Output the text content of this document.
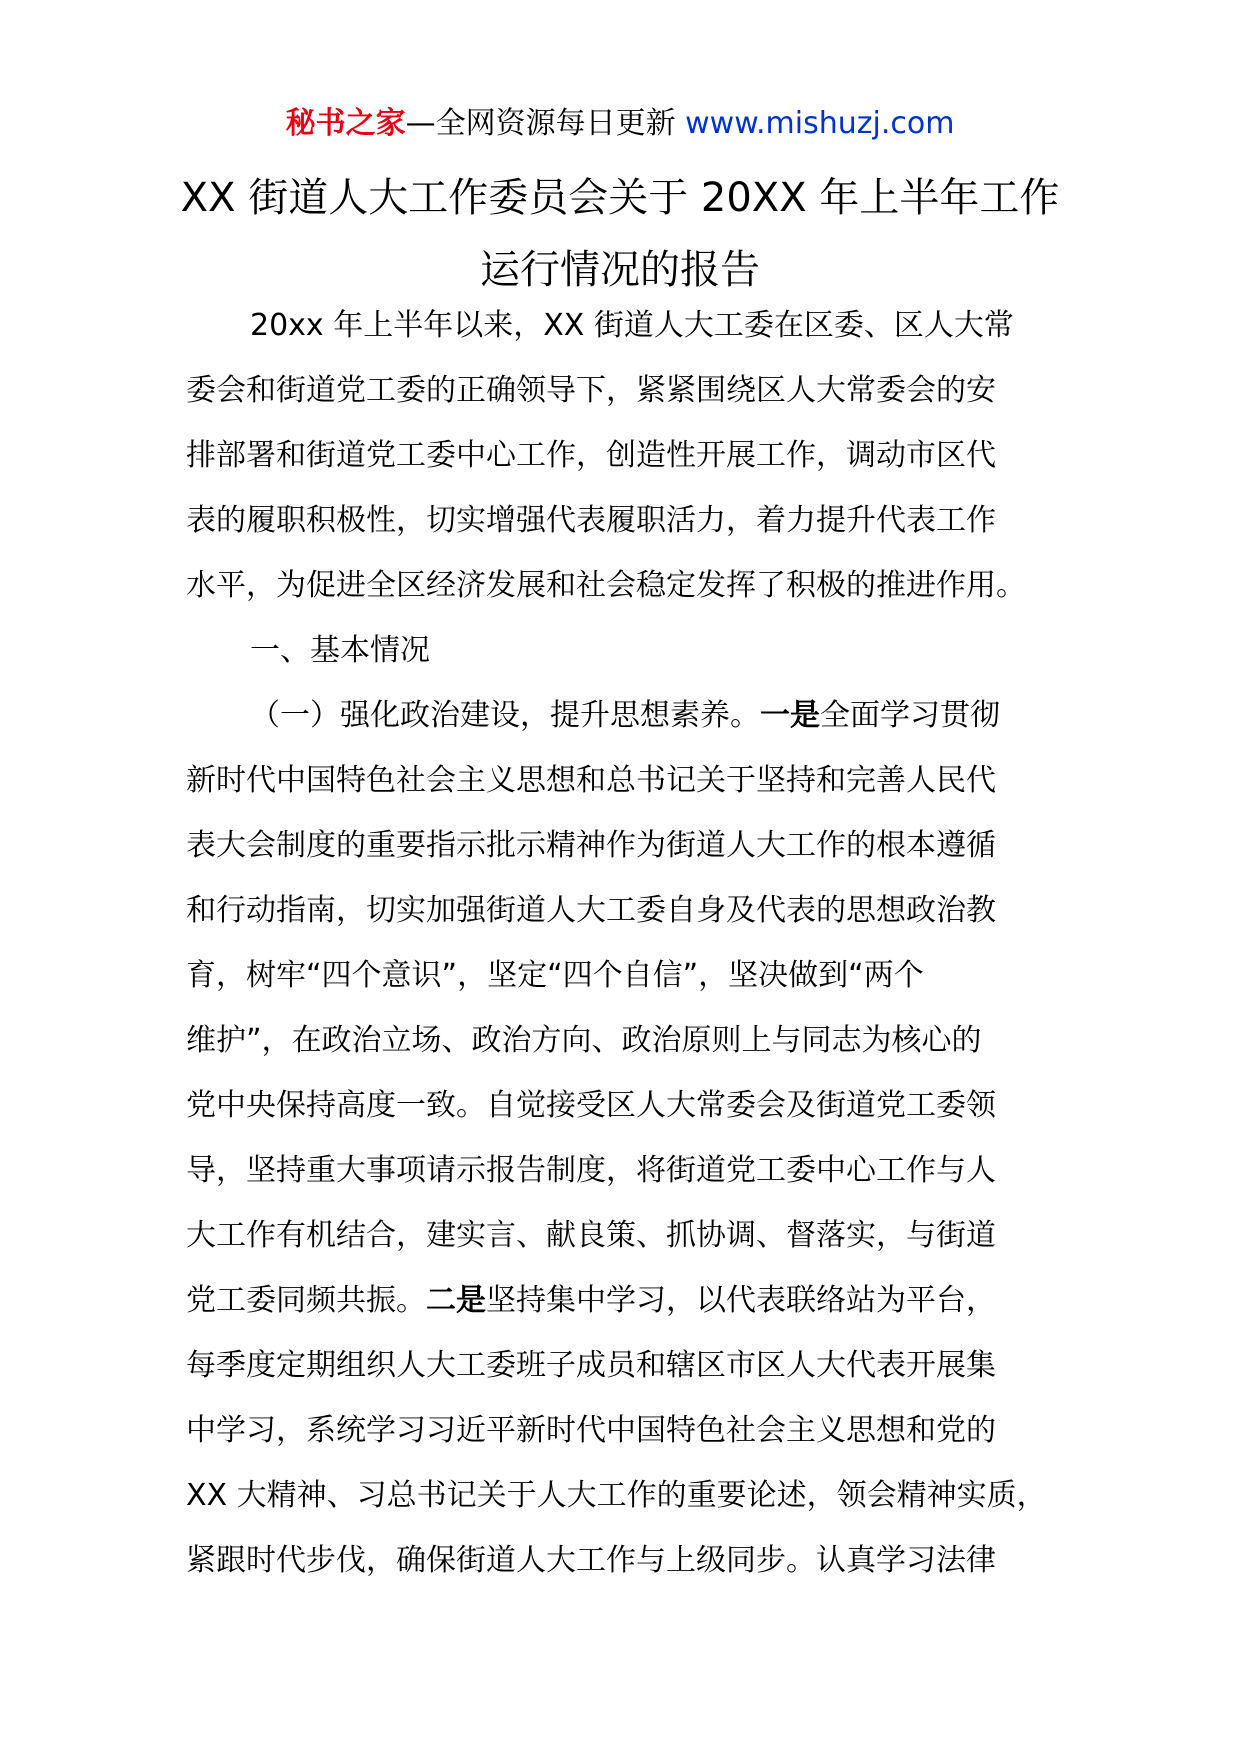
秘书之家—全网资源每日更新 www.mishuzj.com
XX 街道人大工作委员会关于 20XX 年上半年工作
运行情况的报告
20xx 年上半年以来，XX 街道人大工委在区委、区人大常
委会和街道党工委的正确领导下，紧紧围绕区人大常委会的安
排部署和街道党工委中心工作，创造性开展工作，调动市区代
表的履职积极性，切实增强代表履职活力，着力提升代表工作
水平，为促进全区经济发展和社会稳定发挥了积极的推进作用。
一、基本情况
（一）强化政治建设，提升思想素养。一是全面学习贯彻
新时代中国特色社会主义思想和总书记关于坚持和完善人民代
表大会制度的重要指示批示精神作为街道人大工作的根本遵循
和行动指南，切实加强街道人大工委自身及代表的思想政治教
育，树牢“四个意识”，坚定“四个自信”，坚决做到“两个
维护”，在政治立场、政治方向、政治原则上与同志为核心的
党中央保持高度一致。自觉接受区人大常委会及街道党工委领
导，坚持重大事项请示报告制度，将街道党工委中心工作与人
大工作有机结合，建实言、献良策、抓协调、督落实，与街道
党工委同频共振。二是坚持集中学习，以代表联络站为平台，
每季度定期组织人大工委班子成员和辖区市区人大代表开展集
中学习，系统学习习近平新时代中国特色社会主义思想和党的
XX 大精神、习总书记关于人大工作的重要论述，领会精神实质，
紧跟时代步伐，确保街道人大工作与上级同步。认真学习法律
